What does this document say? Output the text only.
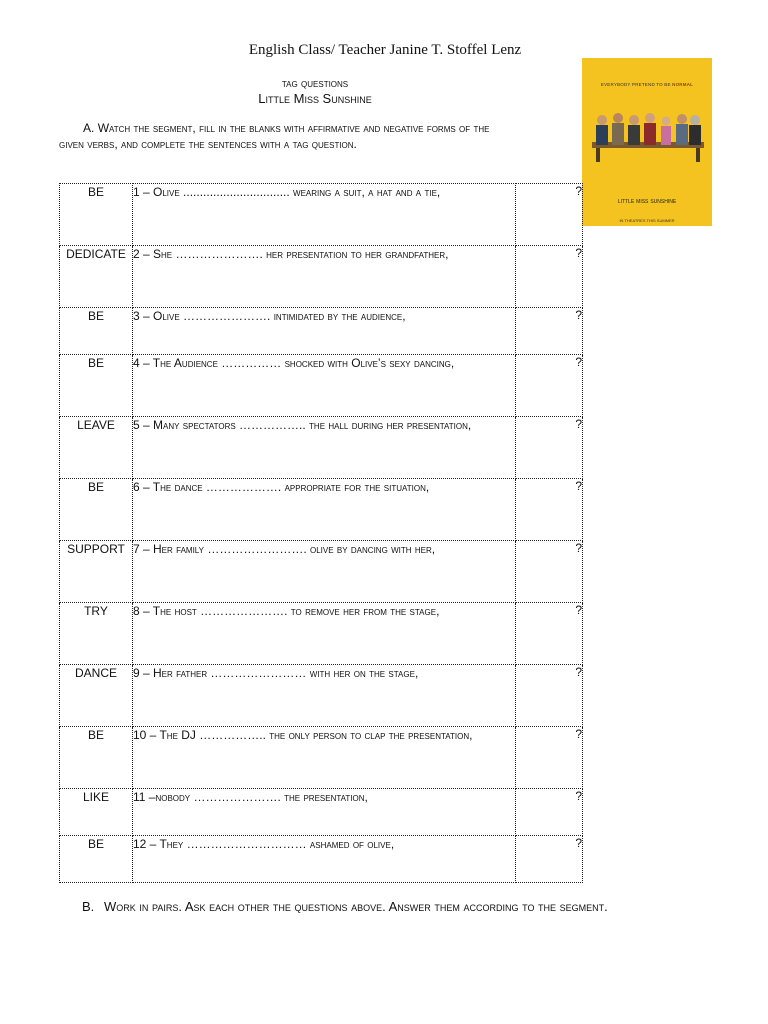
English Class/ Teacher Janine T. Stoffel Lenz
tag questions
Little Miss Sunshine
A. Watch the segment, fill in the blanks with affirmative and negative forms of the given verbs, and complete the sentences with a tag question.
EVERYBODY PRETEND TO BE NORMAL
little miss sunshine
IN THEATRES THIS SUMMER
BE	1 – Olive ................................ wearing a suit, a hat and a tie,	?
DEDICATE	2 – She …………………. her presentation to her grandfather,	?
BE	3 – Olive …………………. intimidated by the audience,	?
BE	4 – The Audience …………… shocked with Olive’s sexy dancing,	?
LEAVE	5 – Many spectators …………….. the hall during her presentation,	?
BE	6 – The dance ………………. appropriate for the situation,	?
SUPPORT	7 – Her family ……………………. olive by dancing with her,	?
TRY	8 – The host …………………. to remove her from the stage,	?
DANCE	9 – Her father …………………… with her on the stage,	?
BE	10 – The DJ …………….. the only person to clap the presentation,	?
LIKE	11 –nobody …………………. the presentation,	?
BE	12 – They ………………………… ashamed of olive,	?
B. Work in pairs. Ask each other the questions above. Answer them according to the segment.
